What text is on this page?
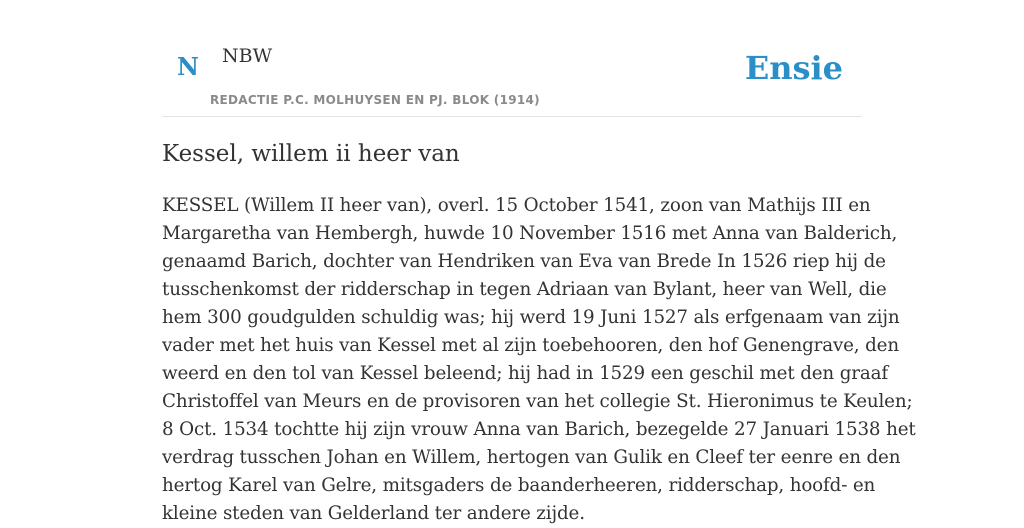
N NBW
REDACTIE P.C. MOLHUYSEN EN PJ. BLOK (1914)
Ensie
Kessel, willem ii heer van
KESSEL (Willem II heer van), overl. 15 October 1541, zoon van Mathijs III en
Margaretha van Hembergh, huwde 10 November 1516 met Anna van Balderich,
genaamd Barich, dochter van Hendriken van Eva van Brede In 1526 riep hij de
tusschenkomst der ridderschap in tegen Adriaan van Bylant, heer van Well, die
hem 300 goudgulden schuldig was; hij werd 19 Juni 1527 als erfgenaam van zijn
vader met het huis van Kessel met al zijn toebehooren, den hof Genengrave, den
weerd en den tol van Kessel beleend; hij had in 1529 een geschil met den graaf
Christoffel van Meurs en de provisoren van het collegie St. Hieronimus te Keulen;
8 Oct. 1534 tochtte hij zijn vrouw Anna van Barich, bezegelde 27 Januari 1538 het
verdrag tusschen Johan en Willem, hertogen van Gulik en Cleef ter eenre en den
hertog Karel van Gelre, mitsgaders de baanderheeren, ridderschap, hoofd- en
kleine steden van Gelderland ter andere zijde.
